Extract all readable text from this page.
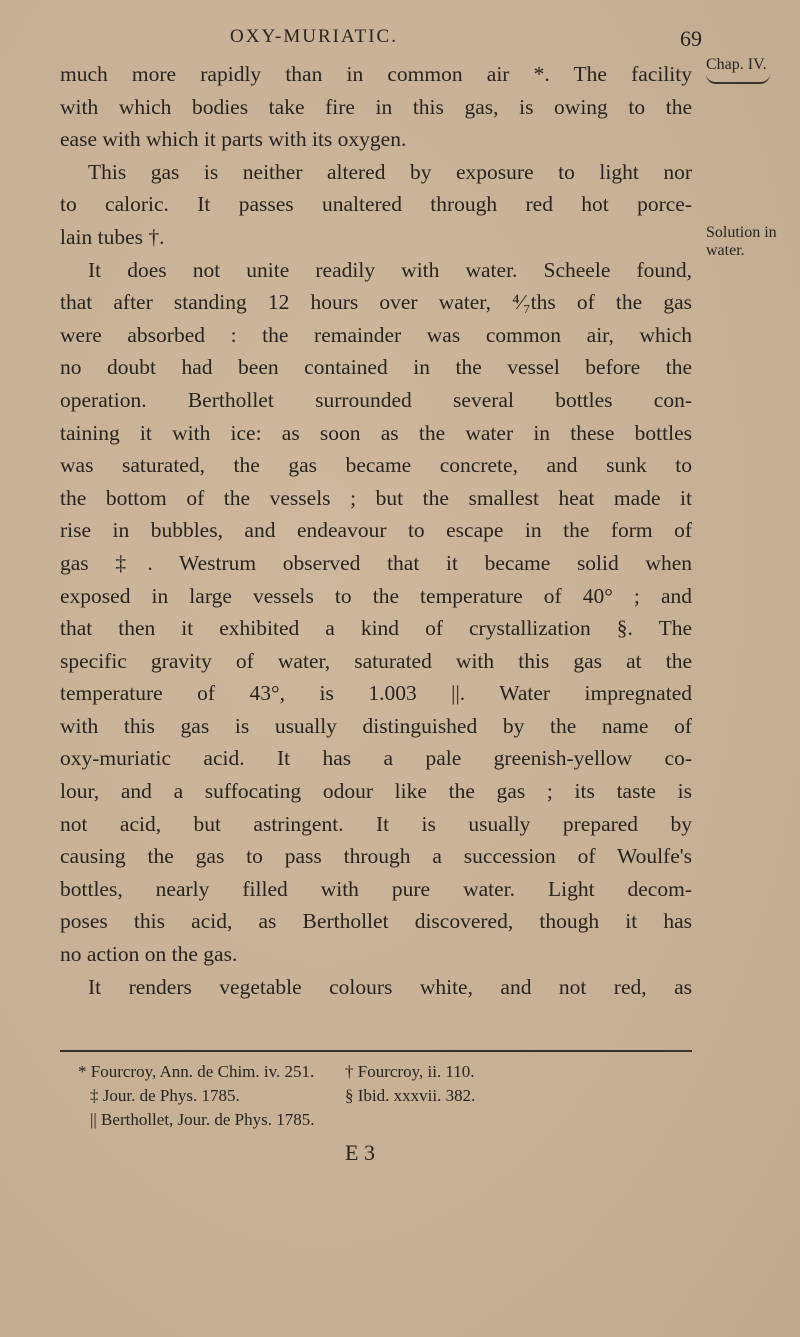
OXY-MURIATIC.	69
Chap. IV.
Solution in water.
much more rapidly than in common air *. The facility
with which bodies take fire in this gas, is owing to the
ease with which it parts with its oxygen.
This gas is neither altered by exposure to light nor
to caloric. It passes unaltered through red hot porce-
lain tubes †.
It does not unite readily with water. Scheele found,
that after standing 12 hours over water, ⁴⁄₇ths of the gas
were absorbed : the remainder was common air, which
no doubt had been contained in the vessel before the
operation. Berthollet surrounded several bottles con-
taining it with ice: as soon as the water in these bottles
was saturated, the gas became concrete, and sunk to
the bottom of the vessels ; but the smallest heat made it
rise in bubbles, and endeavour to escape in the form of
gas ‡. Westrum observed that it became solid when
exposed in large vessels to the temperature of 40° ; and
that then it exhibited a kind of crystallization §. The
specific gravity of water, saturated with this gas at the
temperature of 43°, is 1.003 ||. Water impregnated
with this gas is usually distinguished by the name of
oxy-muriatic acid. It has a pale greenish-yellow co-
lour, and a suffocating odour like the gas ; its taste is
not acid, but astringent. It is usually prepared by
causing the gas to pass through a succession of Woulfe's
bottles, nearly filled with pure water. Light decom-
poses this acid, as Berthollet discovered, though it has
no action on the gas.
It renders vegetable colours white, and not red, as
* Fourcroy, Ann. de Chim. iv. 251. † Fourcroy, ii. 110.
‡ Jour. de Phys. 1785.	§ Ibid. xxxvii. 382.
|| Berthollet, Jour. de Phys. 1785.
E 3
